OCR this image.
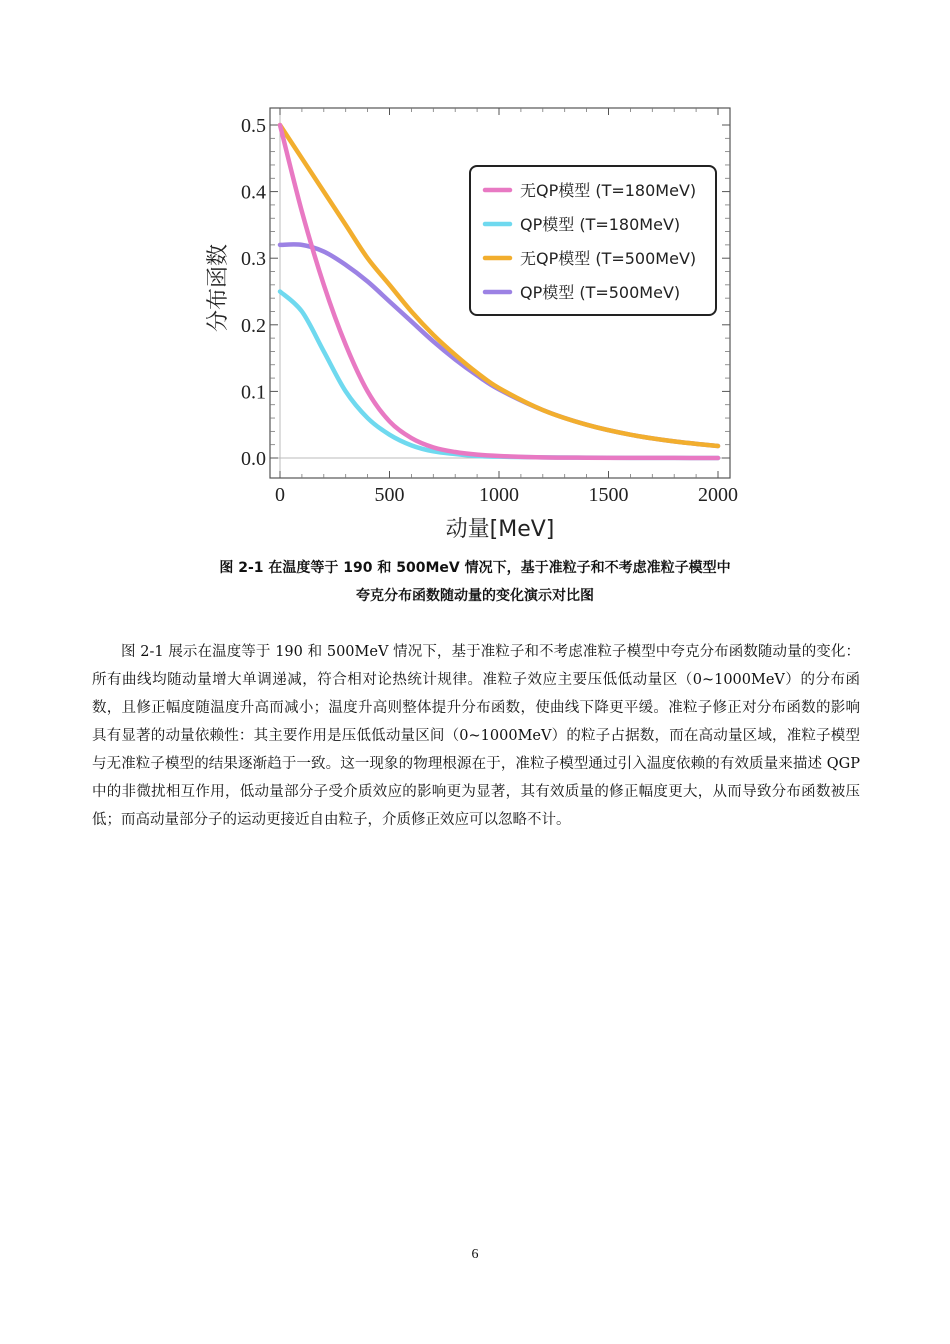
0	500	1000	1500	2000
0.0
0.1
0.2
0.3
0.4
0.5
动量[MeV]
分布函数
无QP模型 (T=180MeV)
QP模型 (T=180MeV)
无QP模型 (T=500MeV)
QP模型 (T=500MeV)
图 2-1 在温度等于 190 和 500MeV 情况下，基于准粒子和不考虑准粒子模型中
夸克分布函数随动量的变化演示对比图

图 2-1 展示在温度等于 190 和 500MeV 情况下，基于准粒子和不考虑准粒子模型中夸克分布函数随动量的变化：所有曲线均随动量增大单调递减，符合相对论热统计规律。准粒子效应主要压低低动量区（0~1000MeV）的分布函数，且修正幅度随温度升高而减小；温度升高则整体提升分布函数，使曲线下降更平缓。准粒子修正对分布函数的影响具有显著的动量依赖性：其主要作用是压低低动量区间（0~1000MeV）的粒子占据数，而在高动量区域，准粒子模型与无准粒子模型的结果逐渐趋于一致。这一现象的物理根源在于，准粒子模型通过引入温度依赖的有效质量来描述 QGP 中的非微扰相互作用，低动量部分子受介质效应的影响更为显著，其有效质量的修正幅度更大，从而导致分布函数被压低；而高动量部分子的运动更接近自由粒子，介质修正效应可以忽略不计。

6
